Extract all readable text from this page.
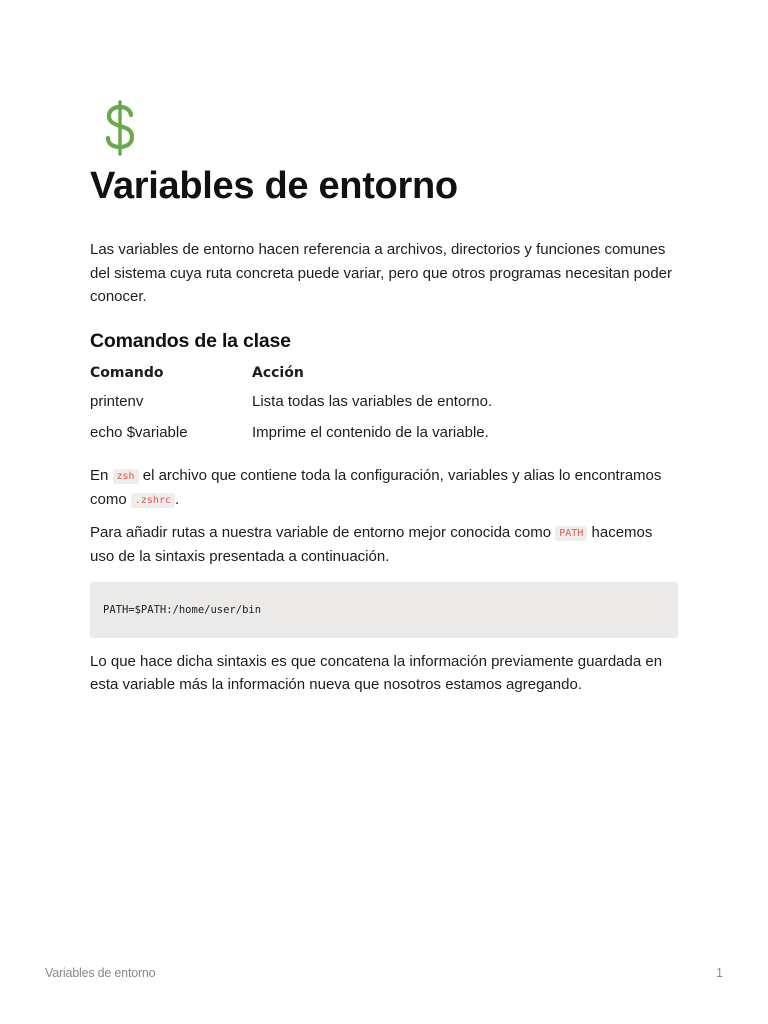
Variables de entorno

Las variables de entorno hacen referencia a archivos, directorios y funciones comunes del sistema cuya ruta concreta puede variar, pero que otros programas necesitan poder conocer.

Comandos de la clase
Comando	Acción
printenv	Lista todas las variables de entorno.
echo $variable	Imprime el contenido de la variable.

En zsh el archivo que contiene toda la configuración, variables y alias lo encontramos como .zshrc .

Para añadir rutas a nuestra variable de entorno mejor conocida como PATH hacemos uso de la sintaxis presentada a continuación.

PATH=$PATH:/home/user/bin

Lo que hace dicha sintaxis es que concatena la información previamente guardada en esta variable más la información nueva que nosotros estamos agregando.

Variables de entorno	1
